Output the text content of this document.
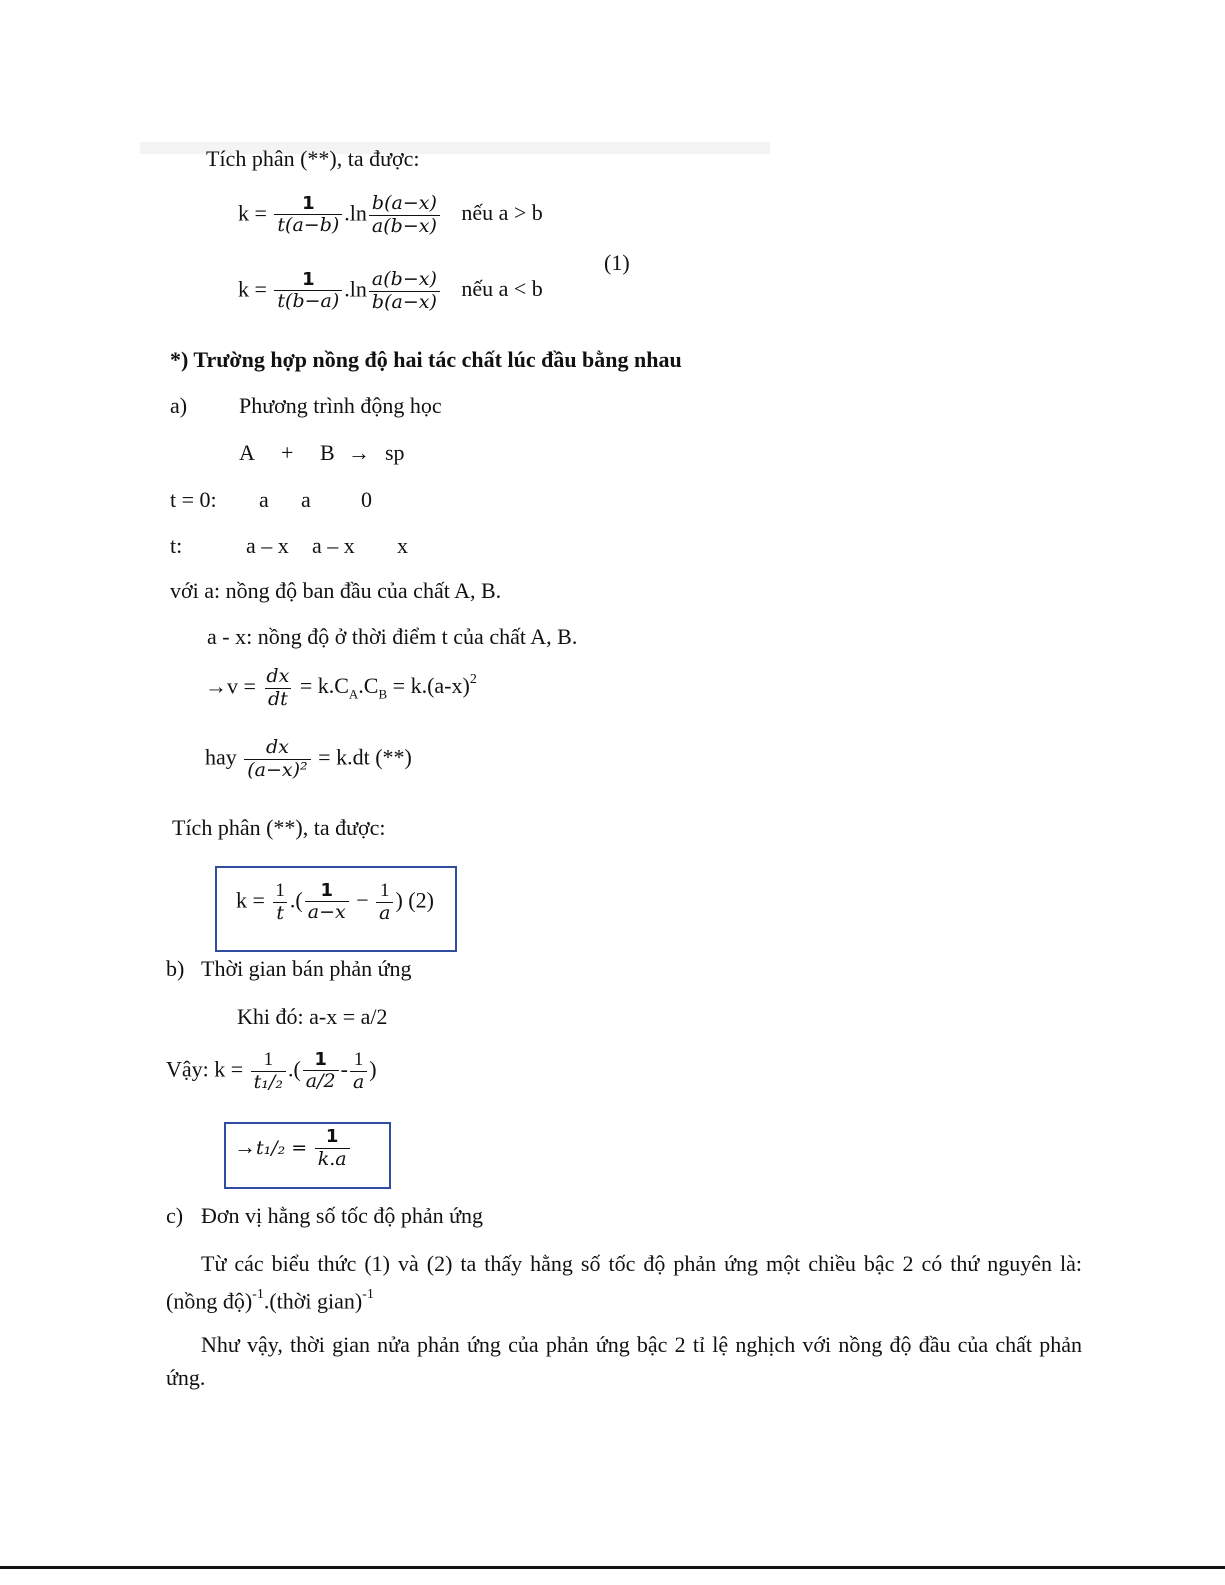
Tích phân (**), ta được:
$k = \frac{1}{t(a-b)} .\ln \frac{b(a-x)}{a(b-x)}$ nếu a > b
(1)
$k = \frac{1}{t(b-a)} .\ln \frac{a(b-x)}{b(a-x)}$ nếu a < b
*) Trường hợp nồng độ hai tác chất lúc đầu bằng nhau
a) Phương trình động học
A + B → sp
t = 0: a a 0
t:	a – x a – x x
với a: nồng độ ban đầu của chất A, B.
a - x: nồng độ ở thời điểm t của chất A, B.
$\to v = \frac{dx}{dt} = k.C_A.C_B = k.(a-x)^2$
hay $\frac{dx}{\text{(a−x)²}} = k.dt$ (**)
Tích phân (**), ta được:
$k = \frac{1}{t}$ .( $\frac{1}{a-x} - \frac{1}{a}$ ) (2)
b) Thời gian bán phản ứng
Khi đó: a-x = a/2
Vậy: $k = \frac{1}{\text{t₁/₂}}$ .( $\frac{1}{a/2} - \frac{1}{a}$ )
$\to t_1/_2 = \frac{1}{k.a}$
c) Đơn vị hằng số tốc độ phản ứng
Từ các biểu thức (1) và (2) ta thấy hằng số tốc độ phản ứng một chiều bậc 2 có thứ nguyên là: (nồng độ)$^{-1}$.(thời gian)$^{-1}$
Như vậy, thời gian nửa phản ứng của phản ứng bậc 2 tỉ lệ nghịch với nồng độ đầu của chất phản ứng.
